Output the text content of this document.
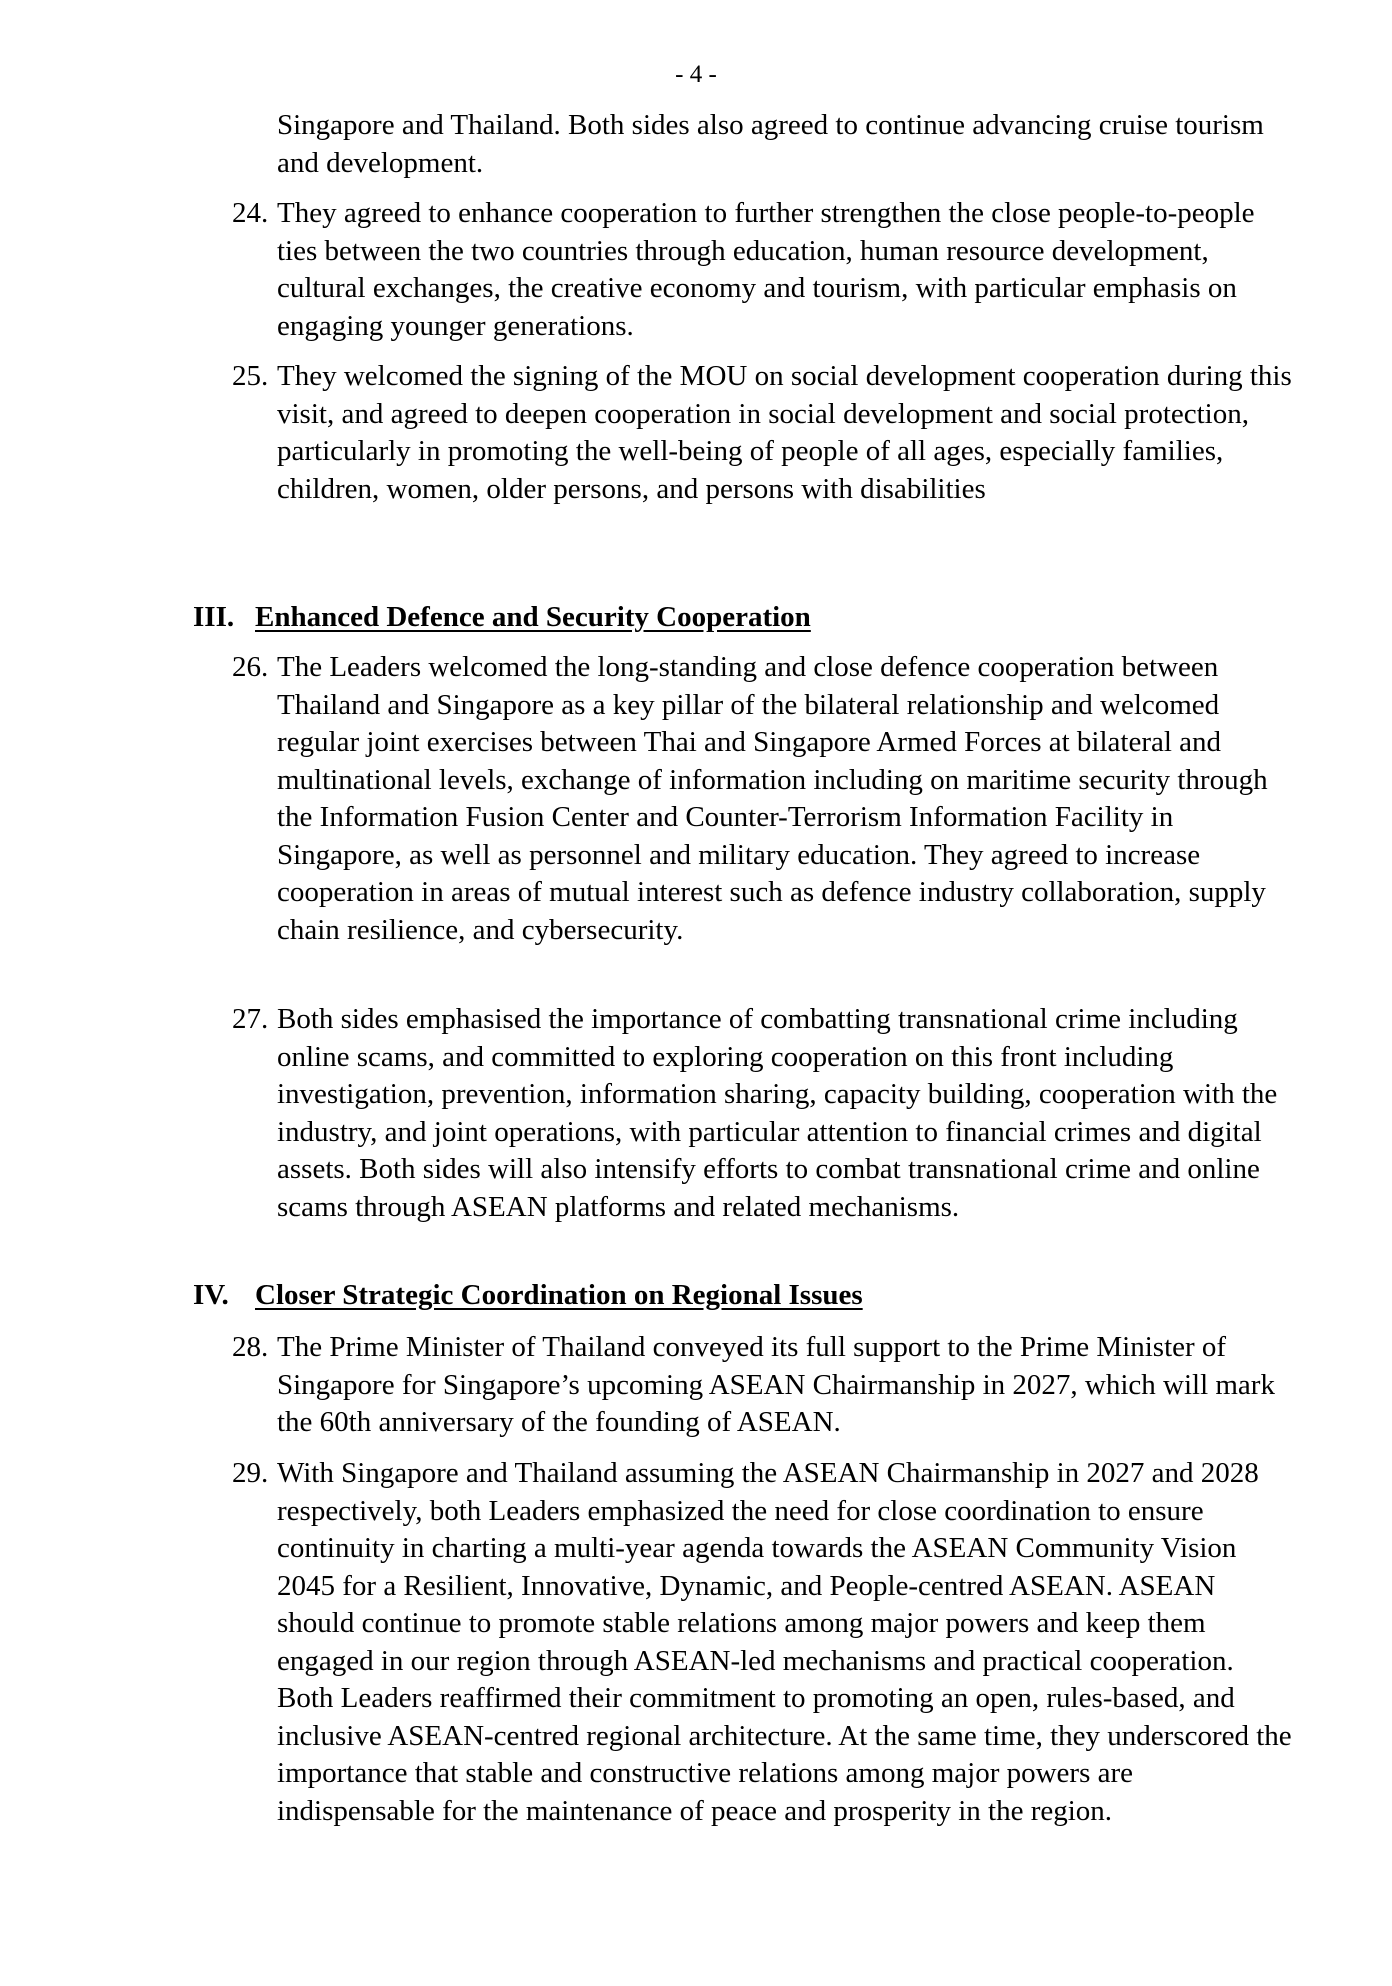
- 4 -

Singapore and Thailand. Both sides also agreed to continue advancing cruise tourism and development.

24. They agreed to enhance cooperation to further strengthen the close people-to-people ties between the two countries through education, human resource development, cultural exchanges, the creative economy and tourism, with particular emphasis on engaging younger generations.

25. They welcomed the signing of the MOU on social development cooperation during this visit, and agreed to deepen cooperation in social development and social protection, particularly in promoting the well-being of people of all ages, especially families, children, women, older persons, and persons with disabilities

III. Enhanced Defence and Security Cooperation
26. The Leaders welcomed the long-standing and close defence cooperation between Thailand and Singapore as a key pillar of the bilateral relationship and welcomed regular joint exercises between Thai and Singapore Armed Forces at bilateral and multinational levels, exchange of information including on maritime security through the Information Fusion Center and Counter-Terrorism Information Facility in Singapore, as well as personnel and military education. They agreed to increase cooperation in areas of mutual interest such as defence industry collaboration, supply chain resilience, and cybersecurity.

27. Both sides emphasised the importance of combatting transnational crime including online scams, and committed to exploring cooperation on this front including investigation, prevention, information sharing, capacity building, cooperation with the industry, and joint operations, with particular attention to financial crimes and digital assets. Both sides will also intensify efforts to combat transnational crime and online scams through ASEAN platforms and related mechanisms.

IV. Closer Strategic Coordination on Regional Issues
28. The Prime Minister of Thailand conveyed its full support to the Prime Minister of Singapore for Singapore’s upcoming ASEAN Chairmanship in 2027, which will mark the 60th anniversary of the founding of ASEAN.

29. With Singapore and Thailand assuming the ASEAN Chairmanship in 2027 and 2028 respectively, both Leaders emphasized the need for close coordination to ensure continuity in charting a multi-year agenda towards the ASEAN Community Vision 2045 for a Resilient, Innovative, Dynamic, and People-centred ASEAN. ASEAN should continue to promote stable relations among major powers and keep them engaged in our region through ASEAN-led mechanisms and practical cooperation. Both Leaders reaffirmed their commitment to promoting an open, rules-based, and inclusive ASEAN-centred regional architecture. At the same time, they underscored the importance that stable and constructive relations among major powers are indispensable for the maintenance of peace and prosperity in the region.
